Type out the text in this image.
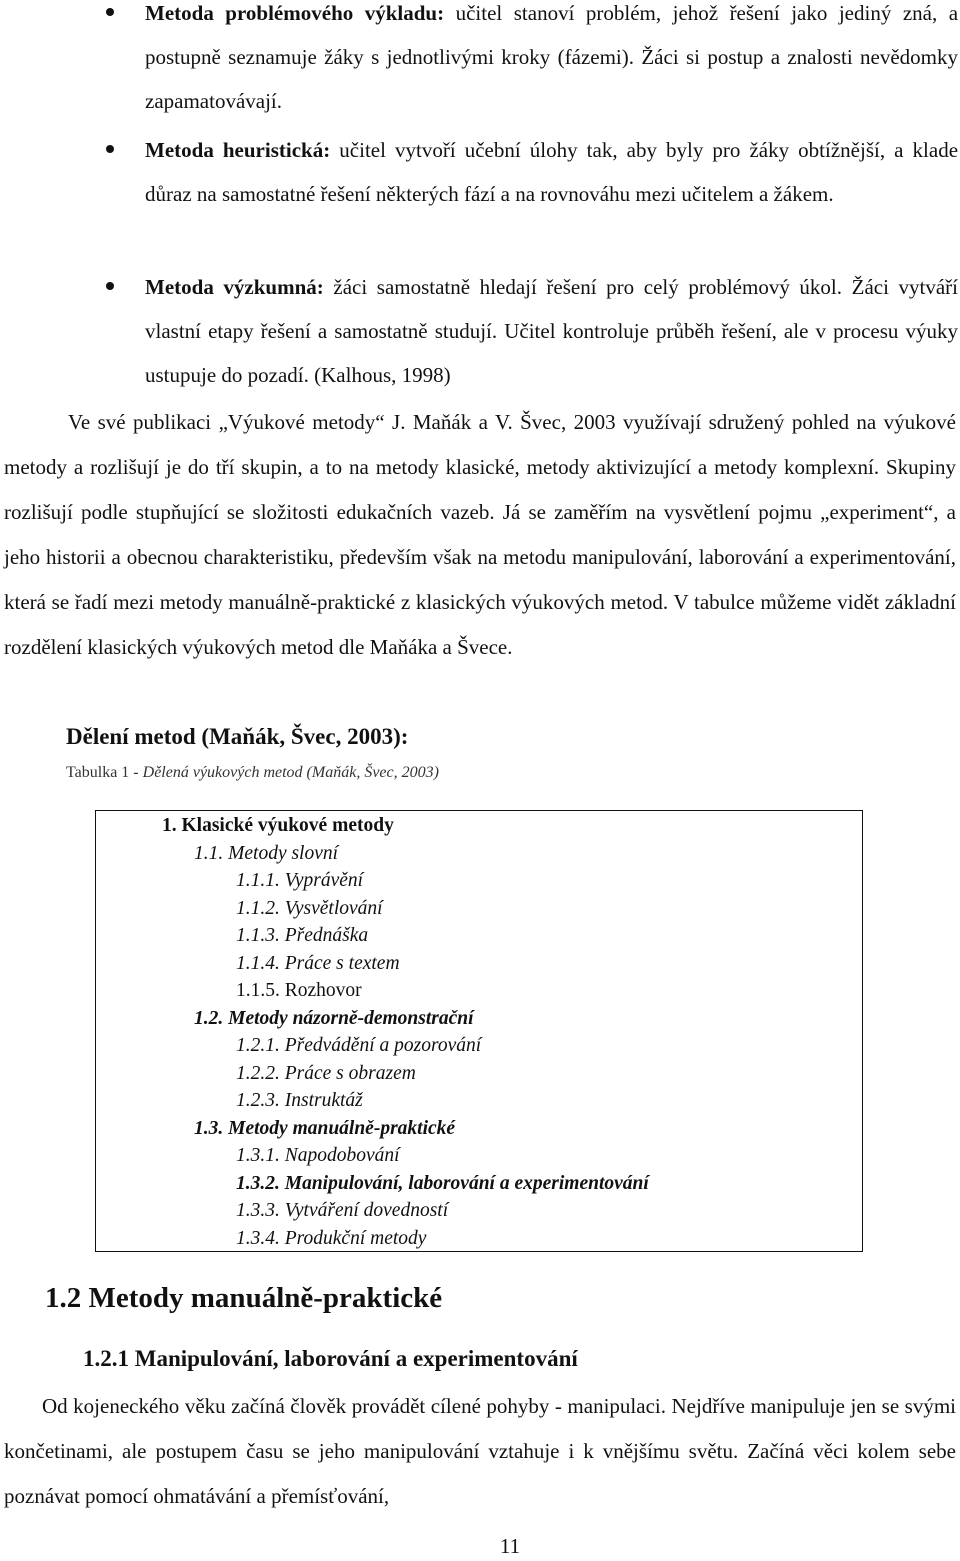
Metoda problémového výkladu: učitel stanoví problém, jehož řešení jako jediný zná, a postupně seznamuje žáky s jednotlivými kroky (fázemi). Žáci si postup a znalosti nevědomky zapamatovávají.
Metoda heuristická: učitel vytvoří učební úlohy tak, aby byly pro žáky obtížnější, a klade důraz na samostatné řešení některých fází a na rovnováhu mezi učitelem a žákem.
Metoda výzkumná: žáci samostatně hledají řešení pro celý problémový úkol. Žáci vytváří vlastní etapy řešení a samostatně studují. Učitel kontroluje průběh řešení, ale v procesu výuky ustupuje do pozadí. (Kalhous, 1998)

Ve své publikaci „Výukové metody“ J. Maňák a V. Švec, 2003 využívají sdružený pohled na výukové metody a rozlišují je do tří skupin, a to na metody klasické, metody aktivizující a metody komplexní. Skupiny rozlišují podle stupňující se složitosti edukačních vazeb. Já se zaměřím na vysvětlení pojmu „experiment“, a jeho historii a obecnou charakteristiku, především však na metodu manipulování, laborování a experimentování, která se řadí mezi metody manuálně-praktické z klasických výukových metod. V tabulce můžeme vidět základní rozdělení klasických výukových metod dle Maňáka a Švece.

Dělení metod (Maňák, Švec, 2003):
Tabulka 1 - Dělená výukových metod (Maňák, Švec, 2003)
1. Klasické výukové metody
1.1. Metody slovní
1.1.1. Vyprávění
1.1.2. Vysvětlování
1.1.3. Přednáška
1.1.4. Práce s textem
1.1.5. Rozhovor
1.2. Metody názorně-demonstrační
1.2.1. Předvádění a pozorování
1.2.2. Práce s obrazem
1.2.3. Instruktáž
1.3. Metody manuálně-praktické
1.3.1. Napodobování
1.3.2. Manipulování, laborování a experimentování
1.3.3. Vytváření dovedností
1.3.4. Produkční metody
1.2 Metody manuálně-praktické
1.2.1 Manipulování, laborování a experimentování

Od kojeneckého věku začíná člověk provádět cílené pohyby - manipulaci. Nejdříve manipuluje jen se svými končetinami, ale postupem času se jeho manipulování vztahuje i k vnějšímu světu. Začíná věci kolem sebe poznávat pomocí ohmatávání a přemísťování,

11
